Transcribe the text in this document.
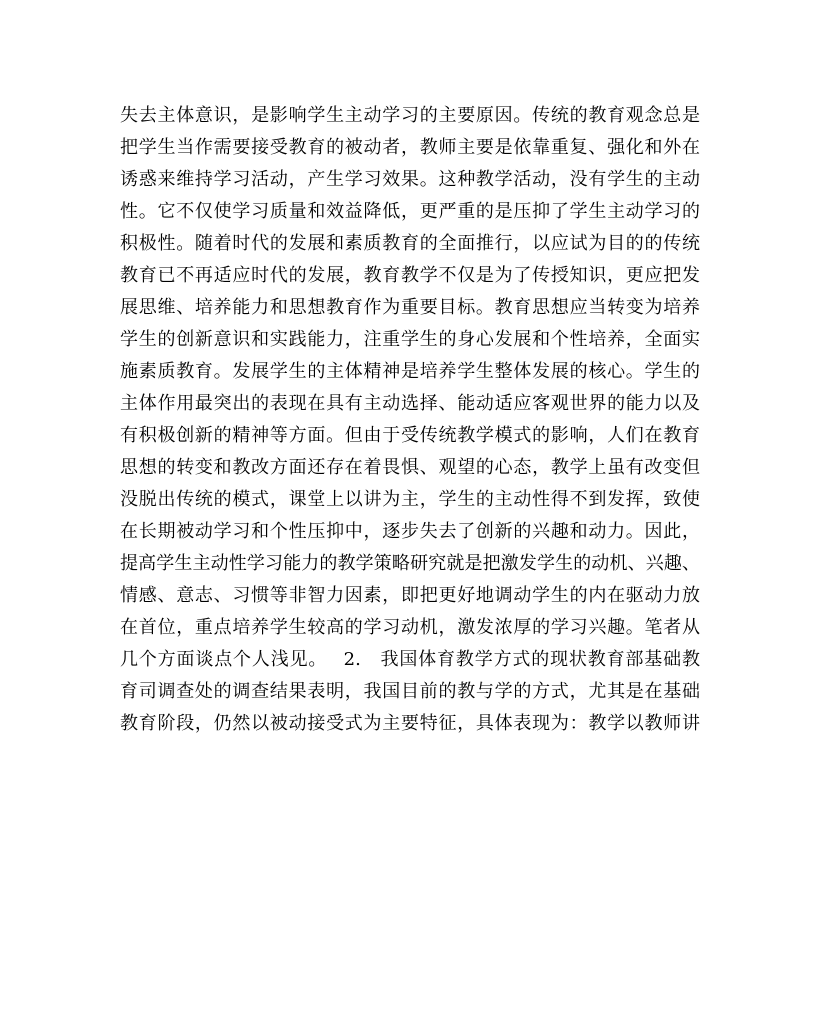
失去主体意识，是影响学生主动学习的主要原因。传统的教育观念总是
把学生当作需要接受教育的被动者，教师主要是依靠重复、强化和外在
诱惑来维持学习活动，产生学习效果。这种教学活动，没有学生的主动
性。它不仅使学习质量和效益降低，更严重的是压抑了学生主动学习的
积极性。随着时代的发展和素质教育的全面推行，以应试为目的的传统
教育已不再适应时代的发展，教育教学不仅是为了传授知识，更应把发
展思维、培养能力和思想教育作为重要目标。教育思想应当转变为培养
学生的创新意识和实践能力，注重学生的身心发展和个性培养，全面实
施素质教育。发展学生的主体精神是培养学生整体发展的核心。学生的
主体作用最突出的表现在具有主动选择、能动适应客观世界的能力以及
有积极创新的精神等方面。但由于受传统教学模式的影响，人们在教育
思想的转变和教改方面还存在着畏惧、观望的心态，教学上虽有改变但
没脱出传统的模式，课堂上以讲为主，学生的主动性得不到发挥，致使
在长期被动学习和个性压抑中，逐步失去了创新的兴趣和动力。因此，
提高学生主动性学习能力的教学策略研究就是把激发学生的动机、兴趣、
情感、意志、习惯等非智力因素，即把更好地调动学生的内在驱动力放
在首位，重点培养学生较高的学习动机，激发浓厚的学习兴趣。笔者从
几个方面谈点个人浅见。　 2.　我国体育教学方式的现状教育部基础教
育司调查处的调查结果表明，我国目前的教与学的方式，尤其是在基础
教育阶段，仍然以被动接受式为主要特征，具体表现为：教学以教师讲
